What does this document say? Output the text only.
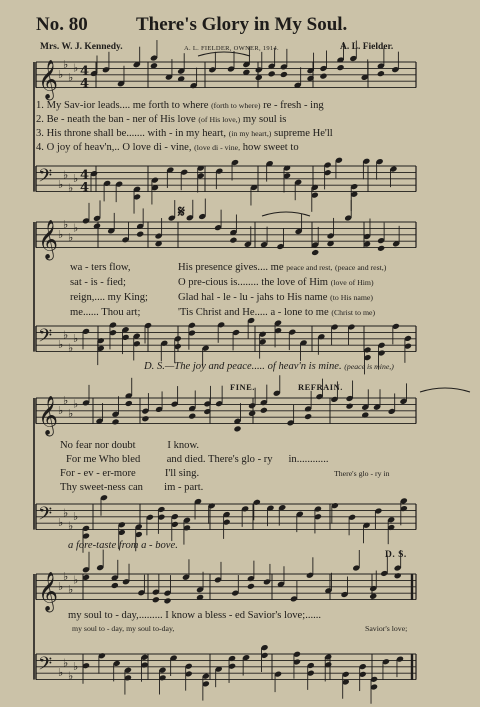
No. 80	There's Glory in My Soul.
Mrs. W. J. Kennedy.	A. L. FIELDER, OWNER, 1914.	A. L. Fielder.
𝄞 ♭
♭
♭
♭ 4
4
𝄢 ♭
♭
♭
♭ 4
4
𝄞 ♭
♭
♭
♭
𝄢 ♭
♭
♭
♭
𝄞 ♭
♭
♭
♭
𝄢 ♭
♭
♭
♭
𝄞 ♭
♭
♭
♭
𝄢 ♭
♭
♭
♭
1. My Sav-ior leads.... me forth to where (forth to where) re - fresh - ing
2. Be - neath the ban - ner of His love (of His love,) my soul is
3. His throne shall be....... with - in my heart, (in my heart,) supreme He'll
4. O joy of heav'n,.. O love di - vine, (love di - vine, how sweet to
𝄋
wa - ters flow,	His presence gives.... me peace and rest, (peace and rest,)
sat - is - fied;	O pre-cious is........ the love of Him (love of Him)
reign,.... my King;	Glad hal - le - lu - jahs to His name (to His name)
me...... Thou art;	'Tis Christ and He..... a - lone to me (Christ to me)
D. S.—The joy and peace..... of heav'n is mine. (peace is mine,)
FINE.	REFRAIN.
No fear nor doubt	I know.
For me Who bled and died. There's glo - ry in............
For - ev - er-more	I'll sing.	There's glo - ry in
Thy sweet-ness can im - part.
a fore-taste from a - bove.
D. S.
my soul to - day,......... I know a bless - ed Savior's love;......
my soul to - day, my soul to-day,	Savior's love;
